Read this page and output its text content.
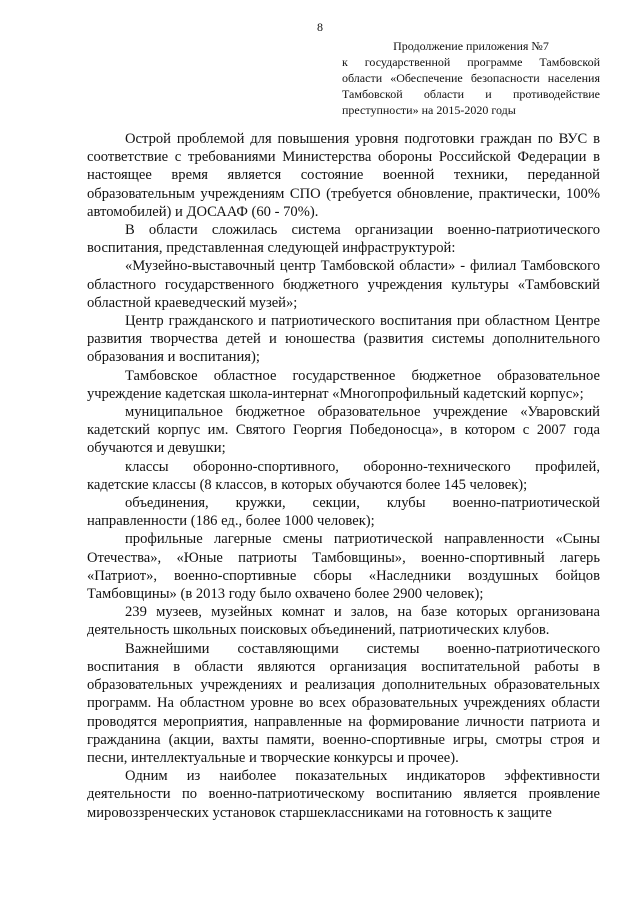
8
Продолжение приложения №7
к государственной программе Тамбовской области «Обеспечение безопасности населения Тамбовской области и противодействие преступности» на 2015-2020 годы

Острой проблемой для повышения уровня подготовки граждан по ВУС в соответствие с требованиями Министерства обороны Российской Федерации в настоящее время является состояние военной техники, переданной образовательным учреждениям СПО (требуется обновление, практически, 100% автомобилей) и ДОСААФ (60 - 70%).

В области сложилась система организации военно-патриотического воспитания, представленная следующей инфраструктурой:

«Музейно-выставочный центр Тамбовской области» - филиал Тамбовского областного государственного бюджетного учреждения культуры «Тамбовский областной краеведческий музей»;

Центр гражданского и патриотического воспитания при областном Центре развития творчества детей и юношества (развития системы дополнительного образования и воспитания);

Тамбовское областное государственное бюджетное образовательное учреждение кадетская школа-интернат «Многопрофильный кадетский корпус»;

муниципальное бюджетное образовательное учреждение «Уваровский кадетский корпус им. Святого Георгия Победоносца», в котором с 2007 года обучаются и девушки;

классы оборонно-спортивного, оборонно-технического профилей, кадетские классы (8 классов, в которых обучаются более 145 человек);

объединения, кружки, секции, клубы военно-патриотической направленности (186 ед., более 1000 человек);

профильные лагерные смены патриотической направленности «Сыны Отечества», «Юные патриоты Тамбовщины», военно-спортивный лагерь «Патриот», военно-спортивные сборы «Наследники воздушных бойцов Тамбовщины» (в 2013 году было охвачено более 2900 человек);

239 музеев, музейных комнат и залов, на базе которых организована деятельность школьных поисковых объединений, патриотических клубов.

Важнейшими составляющими системы военно-патриотического воспитания в области являются организация воспитательной работы в образовательных учреждениях и реализация дополнительных образовательных программ. На областном уровне во всех образовательных учреждениях области проводятся мероприятия, направленные на формирование личности патриота и гражданина (акции, вахты памяти, военно-спортивные игры, смотры строя и песни, интеллектуальные и творческие конкурсы и прочее).

Одним из наиболее показательных индикаторов эффективности деятельности по военно-патриотическому воспитанию является проявление мировоззренческих установок старшеклассниками на готовность к защите
